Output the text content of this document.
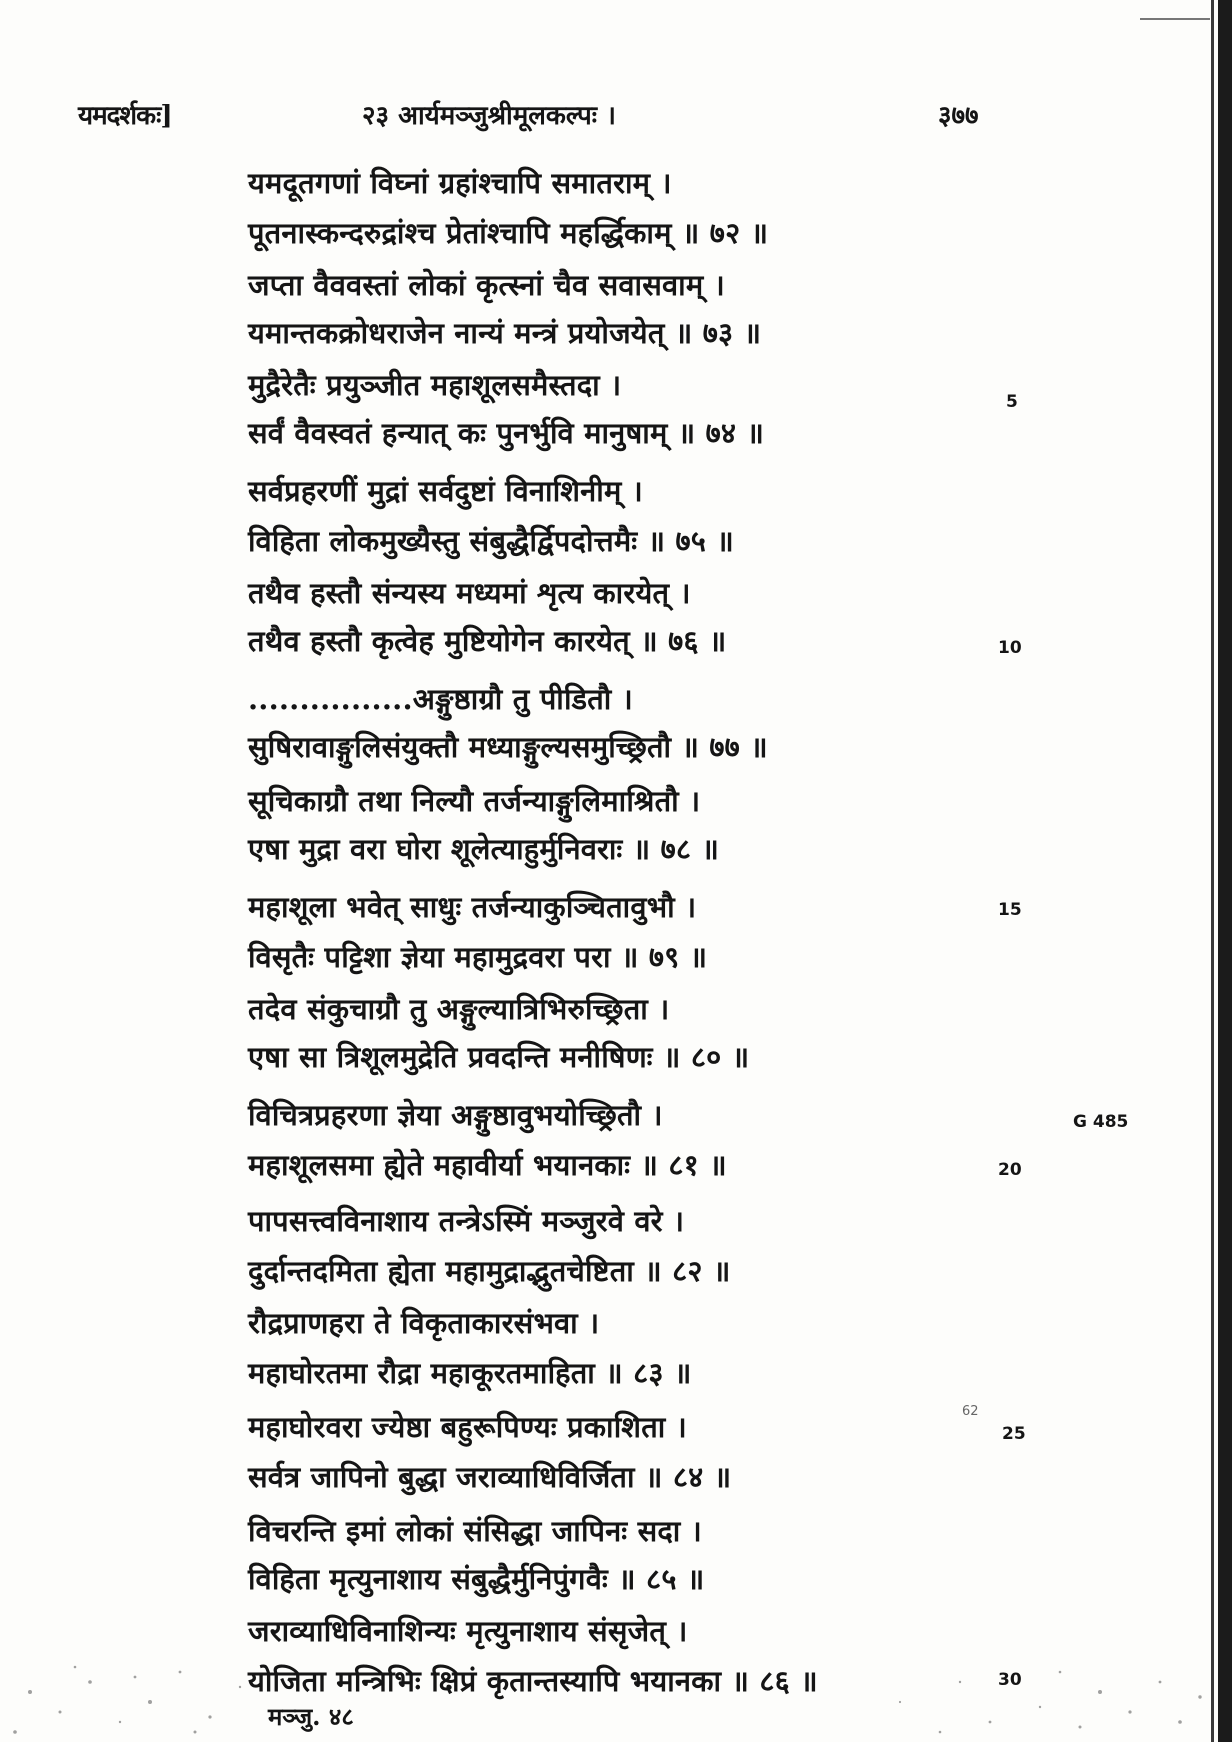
यमदर्शकः]	२३ आर्यमञ्जुश्रीमूलकल्पः ।	३७७
यमदूतगणां विघ्नां ग्रहांश्चापि समातराम् ।
पूतनास्कन्दरुद्रांश्च प्रेतांश्चापि महर्द्धिकाम् ॥ ७२ ॥
जप्ता वैववस्तां लोकां कृत्स्नां चैव सवासवाम् ।
यमान्तकक्रोधराजेन नान्यं मन्त्रं प्रयोजयेत् ॥ ७३ ॥
मुद्रैरेतैः प्रयुञ्जीत महाशूलसमैस्तदा ।
सर्वं वैवस्वतं हन्यात् कः पुनर्भुवि मानुषाम् ॥ ७४ ॥
सर्वप्रहरणीं मुद्रां सर्वदुष्टां विनाशिनीम् ।
विहिता लोकमुख्यैस्तु संबुद्धैर्द्विपदोत्तमैः ॥ ७५ ॥
तथैव हस्तौ संन्यस्य मध्यमां शृत्य कारयेत् ।
तथैव हस्तौ कृत्वेह मुष्टियोगेन कारयेत् ॥ ७६ ॥
................अङ्गुष्ठाग्रौ तु पीडितौ ।
सुषिरावाङ्गुलिसंयुक्तौ मध्याङ्गुल्यसमुच्छ्रितौ ॥ ७७ ॥
सूचिकाग्रौ तथा निल्यौ तर्जन्याङ्गुलिमाश्रितौ ।
एषा मुद्रा वरा घोरा शूलेत्याहुर्मुनिवराः ॥ ७८ ॥
महाशूला भवेत् साधुः तर्जन्याकुञ्चितावुभौ ।
विसृतैः पट्टिशा ज्ञेया महामुद्रवरा परा ॥ ७९ ॥
तदेव संकुचाग्रौ तु अङ्गुल्यात्रिभिरुच्छ्रिता ।
एषा सा त्रिशूलमुद्रेति प्रवदन्ति मनीषिणः ॥ ८० ॥
विचित्रप्रहरणा ज्ञेया अङ्गुष्ठावुभयोच्छ्रितौ ।
महाशूलसमा ह्येते महावीर्या भयानकाः ॥ ८१ ॥
पापसत्त्वविनाशाय तन्त्रेऽस्मिं मञ्जुरवे वरे ।
दुर्दान्तदमिता ह्येता महामुद्राद्भुतचेष्टिता ॥ ८२ ॥
रौद्रप्राणहरा ते विकृताकारसंभवा ।
महाघोरतमा रौद्रा महाकूरतमाहिता ॥ ८३ ॥
महाघोरवरा ज्येष्ठा बहुरूपिण्यः प्रकाशिता ।
सर्वत्र जापिनो बुद्धा जराव्याधिविर्जिता ॥ ८४ ॥
विचरन्ति इमां लोकां संसिद्धा जापिनः सदा ।
विहिता मृत्युनाशाय संबुद्धैर्मुनिपुंगवैः ॥ ८५ ॥
जराव्याधिविनाशिन्यः मृत्युनाशाय संसृजेत् ।
योजिता मन्त्रिभिः क्षिप्रं कृतान्तस्यापि भयानका ॥ ८६ ॥
5
10
15
20
25
30
G 485
62
मञ्जु. ४८
